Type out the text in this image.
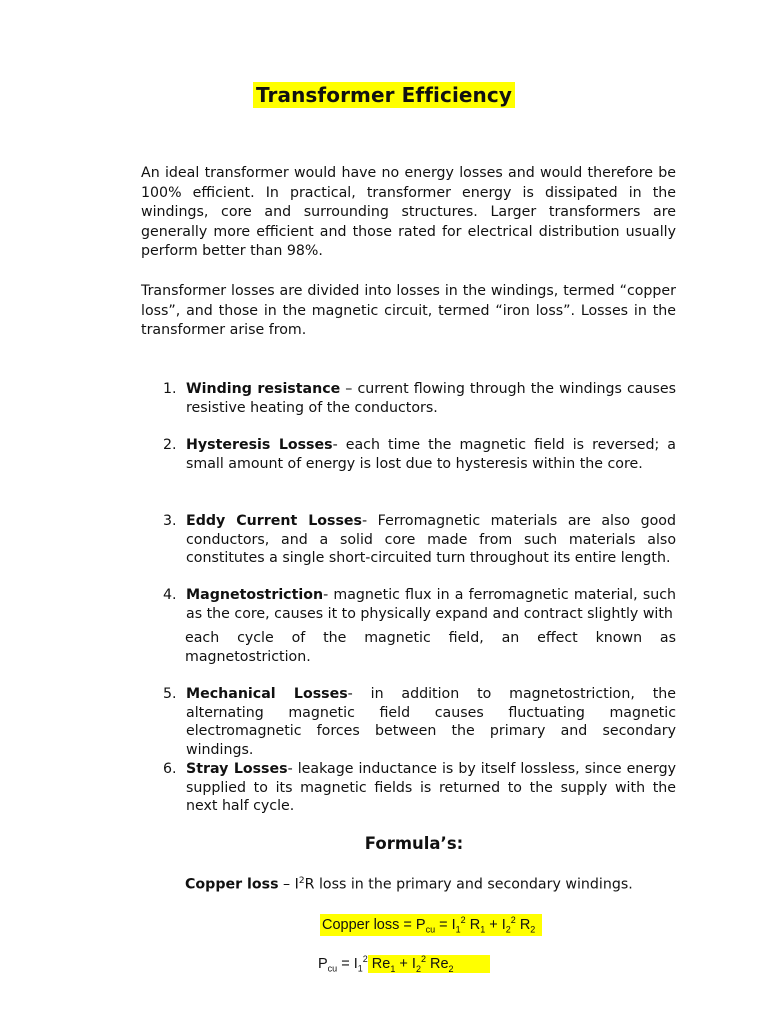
Transformer Efficiency

An ideal transformer would have no energy losses and would therefore be 100% efficient. In practical, transformer energy is dissipated in the windings, core and surrounding structures. Larger transformers are generally more efficient and those rated for electrical distribution usually perform better than 98%.

Transformer losses are divided into losses in the windings, termed “copper loss”, and those in the magnetic circuit, termed “iron loss”. Losses in the transformer arise from.

1. Winding resistance – current flowing through the windings causes resistive heating of the conductors.
2. Hysteresis Losses- each time the magnetic field is reversed; a small amount of energy is lost due to hysteresis within the core.
3. Eddy Current Losses- Ferromagnetic materials are also good conductors, and a solid core made from such materials also constitutes a single short-circuited turn throughout its entire length.
4. Magnetostriction- magnetic flux in a ferromagnetic material, such as the core, causes it to physically expand and contract slightly with
each cycle of the magnetic field, an effect known as
magnetostriction.
5. Mechanical Losses- in addition to magnetostriction, the alternating magnetic field causes fluctuating magnetic electromagnetic forces between the primary and secondary windings.
6. Stray Losses- leakage inductance is by itself lossless, since energy supplied to its magnetic fields is returned to the supply with the next half cycle.
Formula’s:
Copper loss – $I^2R$ loss in the primary and secondary windings.
Copper loss = $P_{cu} = I_1^2$ $R_1 + I_2^2$ $R_2$
$P_{cu} = I_1^2$ $Re_1 + I_2^2$ $Re_2$
